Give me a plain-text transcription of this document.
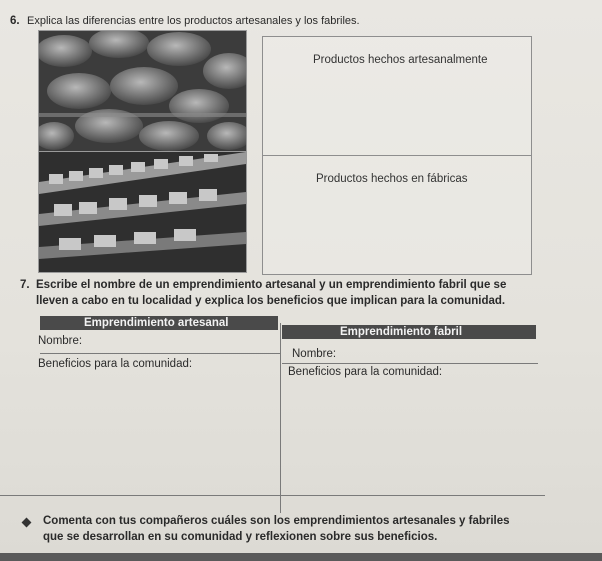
6. Explica las diferencias entre los productos artesanales y los fabriles.
Productos hechos artesanalmente
Productos hechos en fábricas
7. Escribe el nombre de un emprendimiento artesanal y un emprendimiento fabril que se
lleven a cabo en tu localidad y explica los beneficios que implican para la comunidad.
Emprendimiento artesanal
Nombre:
Beneficios para la comunidad:
Emprendimiento fabril
Nombre:
Beneficios para la comunidad:
Comenta con tus compañeros cuáles son los emprendimientos artesanales y fabriles
que se desarrollan en su comunidad y reflexionen sobre sus beneficios.
